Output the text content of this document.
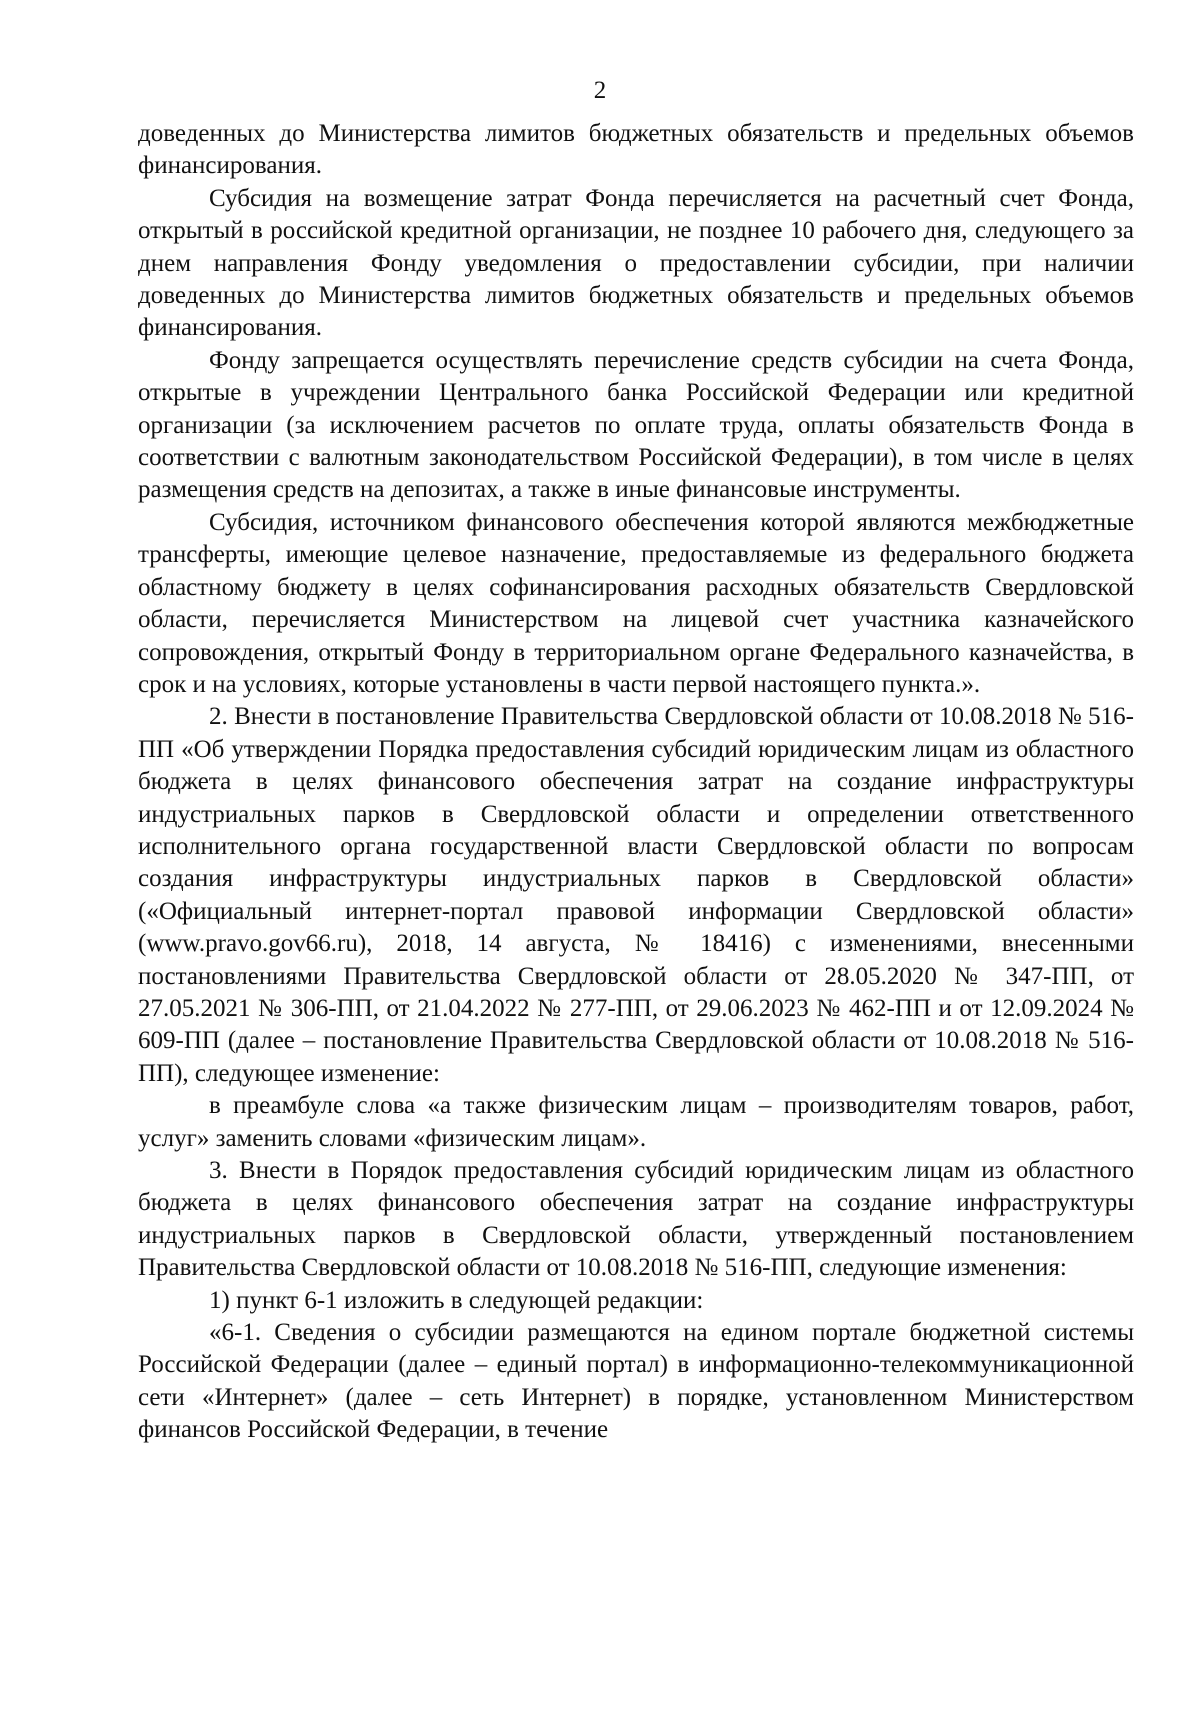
2

доведенных до Министерства лимитов бюджетных обязательств и предельных объемов финансирования.

Субсидия на возмещение затрат Фонда перечисляется на расчетный счет Фонда, открытый в российской кредитной организации, не позднее 10 рабочего дня, следующего за днем направления Фонду уведомления о предоставлении субсидии, при наличии доведенных до Министерства лимитов бюджетных обязательств и предельных объемов финансирования.

Фонду запрещается осуществлять перечисление средств субсидии на счета Фонда, открытые в учреждении Центрального банка Российской Федерации или кредитной организации (за исключением расчетов по оплате труда, оплаты обязательств Фонда в соответствии с валютным законодательством Российской Федерации), в том числе в целях размещения средств на депозитах, а также в иные финансовые инструменты.

Субсидия, источником финансового обеспечения которой являются межбюджетные трансферты, имеющие целевое назначение, предоставляемые из федерального бюджета областному бюджету в целях софинансирования расходных обязательств Свердловской области, перечисляется Министерством на лицевой счет участника казначейского сопровождения, открытый Фонду в территориальном органе Федерального казначейства, в срок и на условиях, которые установлены в части первой настоящего пункта.».

2. Внести в постановление Правительства Свердловской области от 10.08.2018 № 516-ПП «Об утверждении Порядка предоставления субсидий юридическим лицам из областного бюджета в целях финансового обеспечения затрат на создание инфраструктуры индустриальных парков в Свердловской области и определении ответственного исполнительного органа государственной власти Свердловской области по вопросам создания инфраструктуры индустриальных парков в Свердловской области» («Официальный интернет-портал правовой информации Свердловской области» (www.pravo.gov66.ru), 2018, 14 августа, № 18416) с изменениями, внесенными постановлениями Правительства Свердловской области от 28.05.2020 № 347-ПП, от 27.05.2021 № 306-ПП, от 21.04.2022 № 277-ПП, от 29.06.2023 № 462-ПП и от 12.09.2024 № 609-ПП (далее – постановление Правительства Свердловской области от 10.08.2018 № 516-ПП), следующее изменение:

в преамбуле слова «а также физическим лицам – производителям товаров, работ, услуг» заменить словами «физическим лицам».

3. Внести в Порядок предоставления субсидий юридическим лицам из областного бюджета в целях финансового обеспечения затрат на создание инфраструктуры индустриальных парков в Свердловской области, утвержденный постановлением Правительства Свердловской области от 10.08.2018 № 516-ПП, следующие изменения:

1) пункт 6-1 изложить в следующей редакции:

«6-1. Сведения о субсидии размещаются на едином портале бюджетной системы Российской Федерации (далее – единый портал) в информационно-телекоммуникационной сети «Интернет» (далее – сеть Интернет) в порядке, установленном Министерством финансов Российской Федерации, в течение
